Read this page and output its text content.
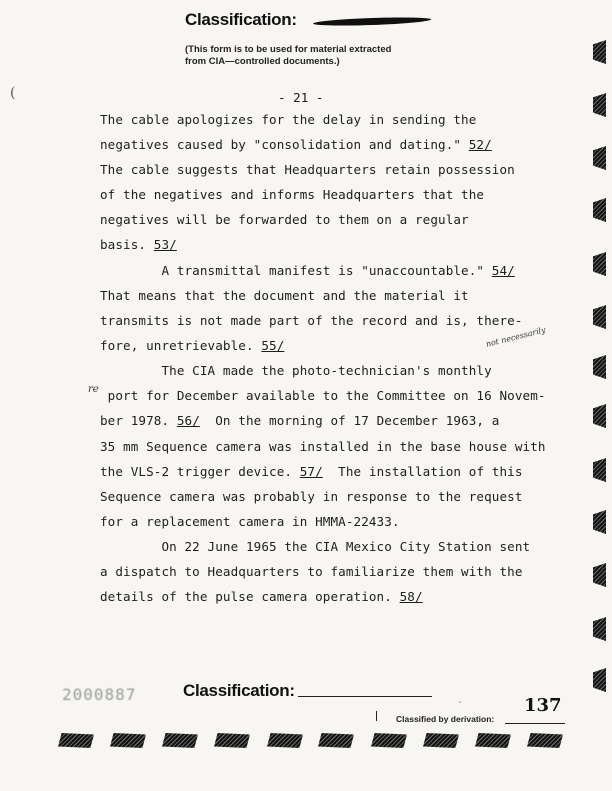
Classification:
(This form is to be used for material extracted
from CIA—controlled documents.)
(	- 21 -
The cable apologizes for the delay in sending the
negatives caused by "consolidation and dating." 52/
The cable suggests that Headquarters retain possession
of the negatives and informs Headquarters that the
negatives will be forwarded to them on a regular
basis. 53/
A transmittal manifest is "unaccountable." 54/
That means that the document and the material it
transmits is not made part of the record and is, there-
fore, unretrievable. 55/
The CIA made the photo-technician's monthly
port for December available to the Committee on 16 Novem-
ber 1978. 56/  On the morning of 17 December 1963, a
35 mm Sequence camera was installed in the base house with
the VLS-2 trigger device. 57/  The installation of this
Sequence camera was probably in response to the request
for a replacement camera in HMMA-22433.
On 22 June 1965 the CIA Mexico City Station sent
a dispatch to Headquarters to familiarize them with the
details of the pulse camera operation. 58/
not necessarily
re
2000887	Classification:
~	137
Classified by derivation:
